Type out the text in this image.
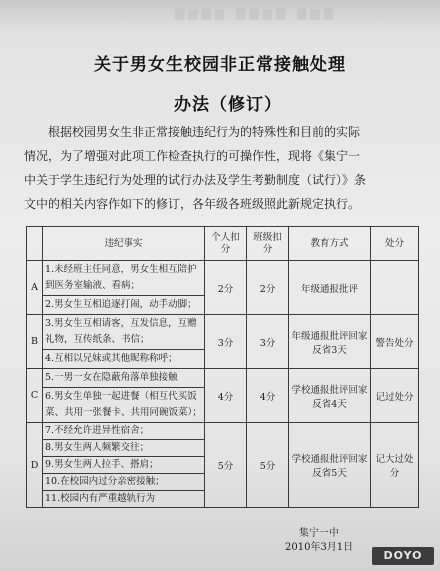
▇▆▇▆ ▇▇▆▇ ▇▆▇
关于男女生校园非正常接触处理
办法（修订）
根据校园男女生非正常接触违纪行为的特殊性和目前的实际
情况，为了增强对此项工作检查执行的可操作性，现将《集宁一
中关于学生违纪行为处理的试行办法及学生考勤制度（试行）》条
文中的相关内容作如下的修订，各年级各班级照此新规定执行。
	违纪事实	个人扣分	班级扣分	教育方式	处分
A	1.未经班主任同意，男女生相互陪护到医务室输液、看病；	2分	2分	年级通报批评	
	2.男女生互相追逐打闹，动手动脚；				
B	3.男女生互相请客，互发信息，互赠礼物，互传纸条、书信；	3分	3分	年级通报批评回家反省3天	警告处分
	4.互相以兄妹或其他昵称称呼；				
C	5.一男一女在隐蔽角落单独接触	4分	4分	学校通报批评回家反省4天	记过处分
	6.男女生单独一起进餐（相互代买饭菜、共用一张餐卡、共用同碗饭菜）；				
D	7.不经允许进异性宿舍；	5分	5分	学校通报批评回家反省5天	记大过处分
	8.男女生两人频繁交往；				
	9.男女生两人拉手、搭肩；				
	10.在校园内过分亲密接触；				
	11.校园内有严重越轨行为				
集宁一中
2010年3月1日
DOYO
